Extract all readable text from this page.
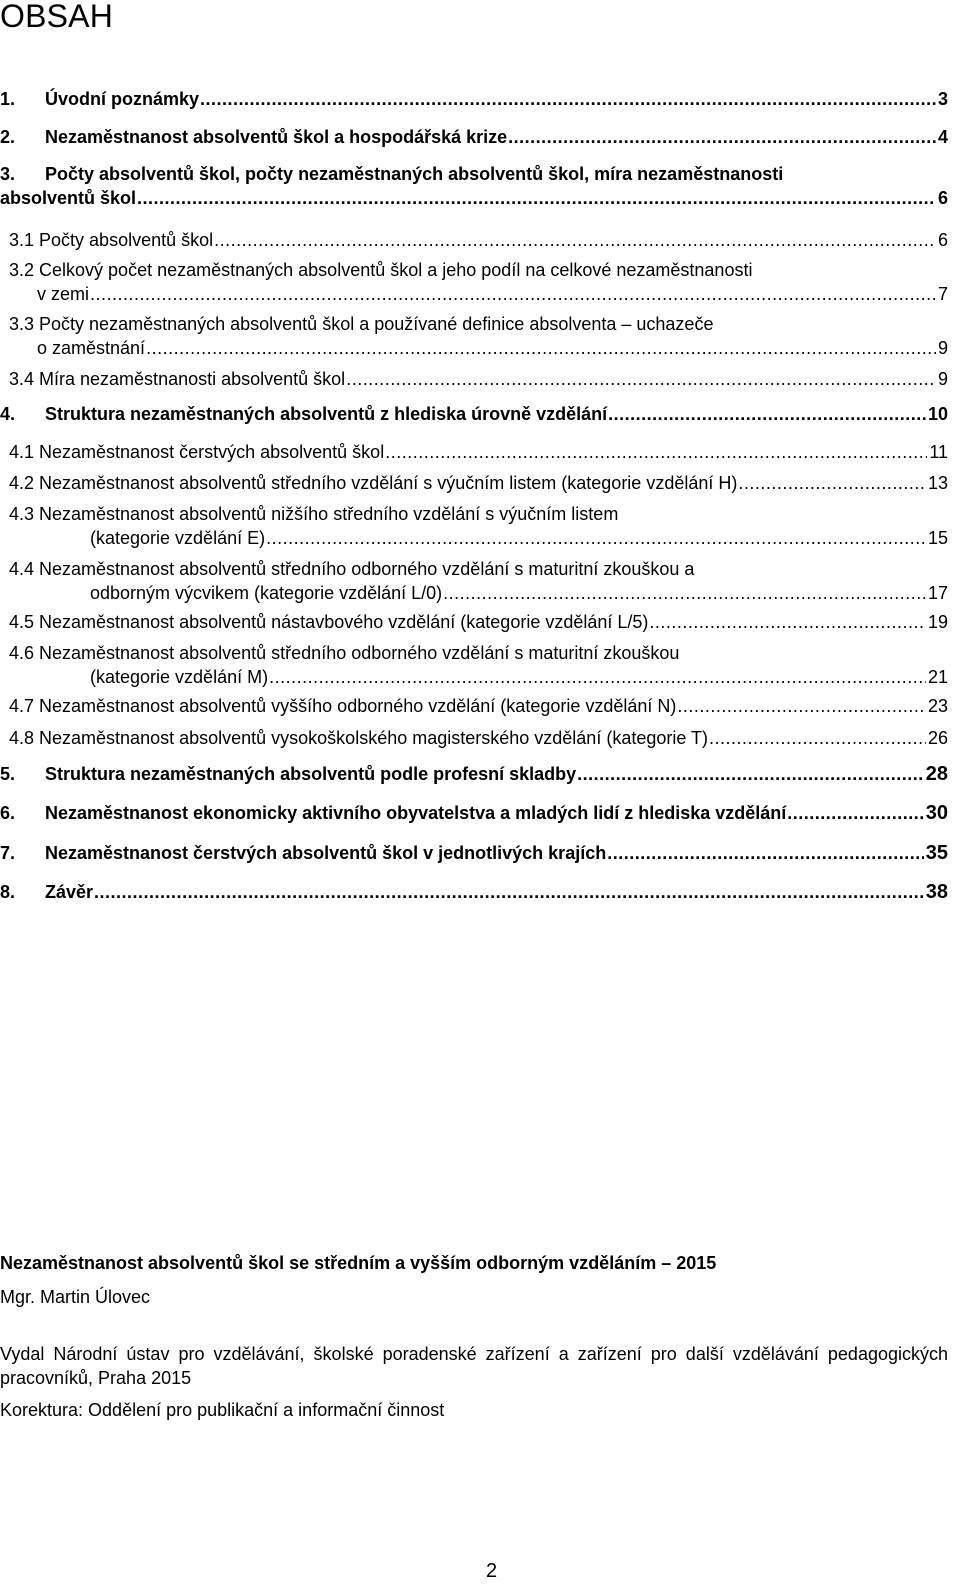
OBSAH
1. Úvodní poznámky .....	3
2. Nezaměstnanost absolventů škol a hospodářská krize .....	4
3. Počty absolventů škol, počty nezaměstnaných absolventů škol, míra nezaměstnanosti
absolventů škol .....	6
3.1 Počty absolventů škol .....	6
3.2 Celkový počet nezaměstnaných absolventů škol a jeho podíl na celkové nezaměstnanosti
v zemi .....	7
3.3 Počty nezaměstnaných absolventů škol a používané definice absolventa – uchazeče
o zaměstnání .....	9
3.4 Míra nezaměstnanosti absolventů škol .....	9
4. Struktura nezaměstnaných absolventů z hlediska úrovně vzdělání .....	10
4.1 Nezaměstnanost čerstvých absolventů škol .....	11
4.2 Nezaměstnanost absolventů středního vzdělání s výučním listem (kategorie vzdělání H) .....	13
4.3 Nezaměstnanost absolventů nižšího středního vzdělání s výučním listem
(kategorie vzdělání E) .....	15
4.4 Nezaměstnanost absolventů středního odborného vzdělání s maturitní zkouškou a
odborným výcvikem (kategorie vzdělání L/0) .....	17
4.5 Nezaměstnanost absolventů nástavbového vzdělání (kategorie vzdělání L/5) .....	19
4.6 Nezaměstnanost absolventů středního odborného vzdělání s maturitní zkouškou
(kategorie vzdělání M) .....	21
4.7 Nezaměstnanost absolventů vyššího odborného vzdělání (kategorie vzdělání N) .....	23
4.8 Nezaměstnanost absolventů vysokoškolského magisterského vzdělání (kategorie T) .....	26
5. Struktura nezaměstnaných absolventů podle profesní skladby .....	28
6. Nezaměstnanost ekonomicky aktivního obyvatelstva a mladých lidí z hlediska vzdělání .....	30
7. Nezaměstnanost čerstvých absolventů škol v jednotlivých krajích .....	35
8. Závěr .....	38
Nezaměstnanost absolventů škol se středním a vyšším odborným vzděláním – 2015
Mgr. Martin Úlovec
Vydal Národní ústav pro vzdělávání, školské poradenské zařízení a zařízení pro další vzdělávání pedagogických pracovníků, Praha 2015
Korektura: Oddělení pro publikační a informační činnost
2
